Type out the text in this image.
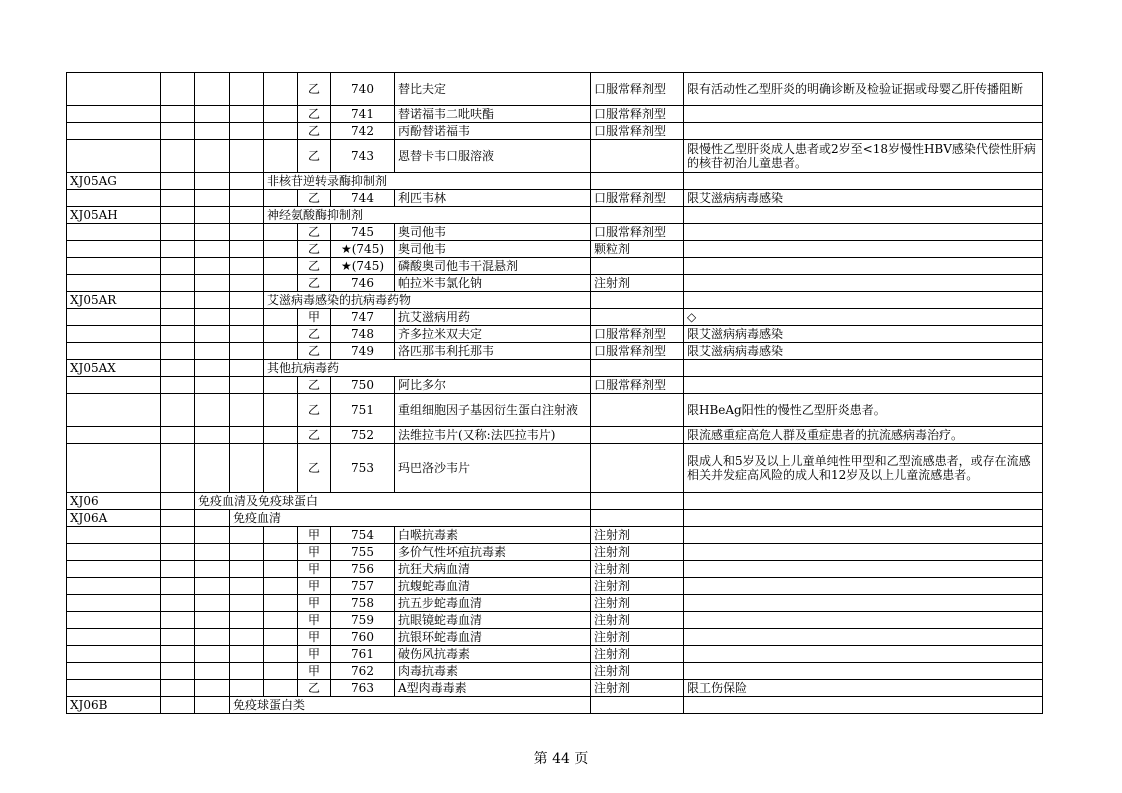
					乙	740	替比夫定	口服常释剂型	限有活动性乙型肝炎的明确诊断及检验证据或母婴乙肝传播阻断
					乙	741	替诺福韦二吡呋酯	口服常释剂型	
					乙	742	丙酚替诺福韦	口服常释剂型	
					乙	743	恩替卡韦口服溶液		限慢性乙型肝炎成人患者或2岁至<18岁慢性HBV感染代偿性肝病的核苷初治儿童患者。
XJ05AG				非核苷逆转录酶抑制剂					
					乙	744	利匹韦林	口服常释剂型	限艾滋病病毒感染
XJ05AH				神经氨酸酶抑制剂					
					乙	745	奥司他韦	口服常释剂型	
					乙	★(745)	奥司他韦	颗粒剂	
					乙	★(745)	磷酸奥司他韦干混悬剂		
					乙	746	帕拉米韦氯化钠	注射剂	
XJ05AR				艾滋病毒感染的抗病毒药物					
					甲	747	抗艾滋病用药		◇
					乙	748	齐多拉米双夫定	口服常释剂型	限艾滋病病毒感染
					乙	749	洛匹那韦利托那韦	口服常释剂型	限艾滋病病毒感染
XJ05AX				其他抗病毒药					
					乙	750	阿比多尔	口服常释剂型	
					乙	751	重组细胞因子基因衍生蛋白注射液		限HBeAg阳性的慢性乙型肝炎患者。
					乙	752	法维拉韦片(又称:法匹拉韦片)		限流感重症高危人群及重症患者的抗流感病毒治疗。
					乙	753	玛巴洛沙韦片		限成人和5岁及以上儿童单纯性甲型和乙型流感患者，或存在流感相关并发症高风险的成人和12岁及以上儿童流感患者。
XJ06		免疫血清及免疫球蛋白							
XJ06A			免疫血清						
					甲	754	白喉抗毒素	注射剂	
					甲	755	多价气性坏疽抗毒素	注射剂	
					甲	756	抗狂犬病血清	注射剂	
					甲	757	抗蝮蛇毒血清	注射剂	
					甲	758	抗五步蛇毒血清	注射剂	
					甲	759	抗眼镜蛇毒血清	注射剂	
					甲	760	抗银环蛇毒血清	注射剂	
					甲	761	破伤风抗毒素	注射剂	
					甲	762	肉毒抗毒素	注射剂	
					乙	763	A型肉毒毒素	注射剂	限工伤保险
XJ06B			免疫球蛋白类						
第 44 页
